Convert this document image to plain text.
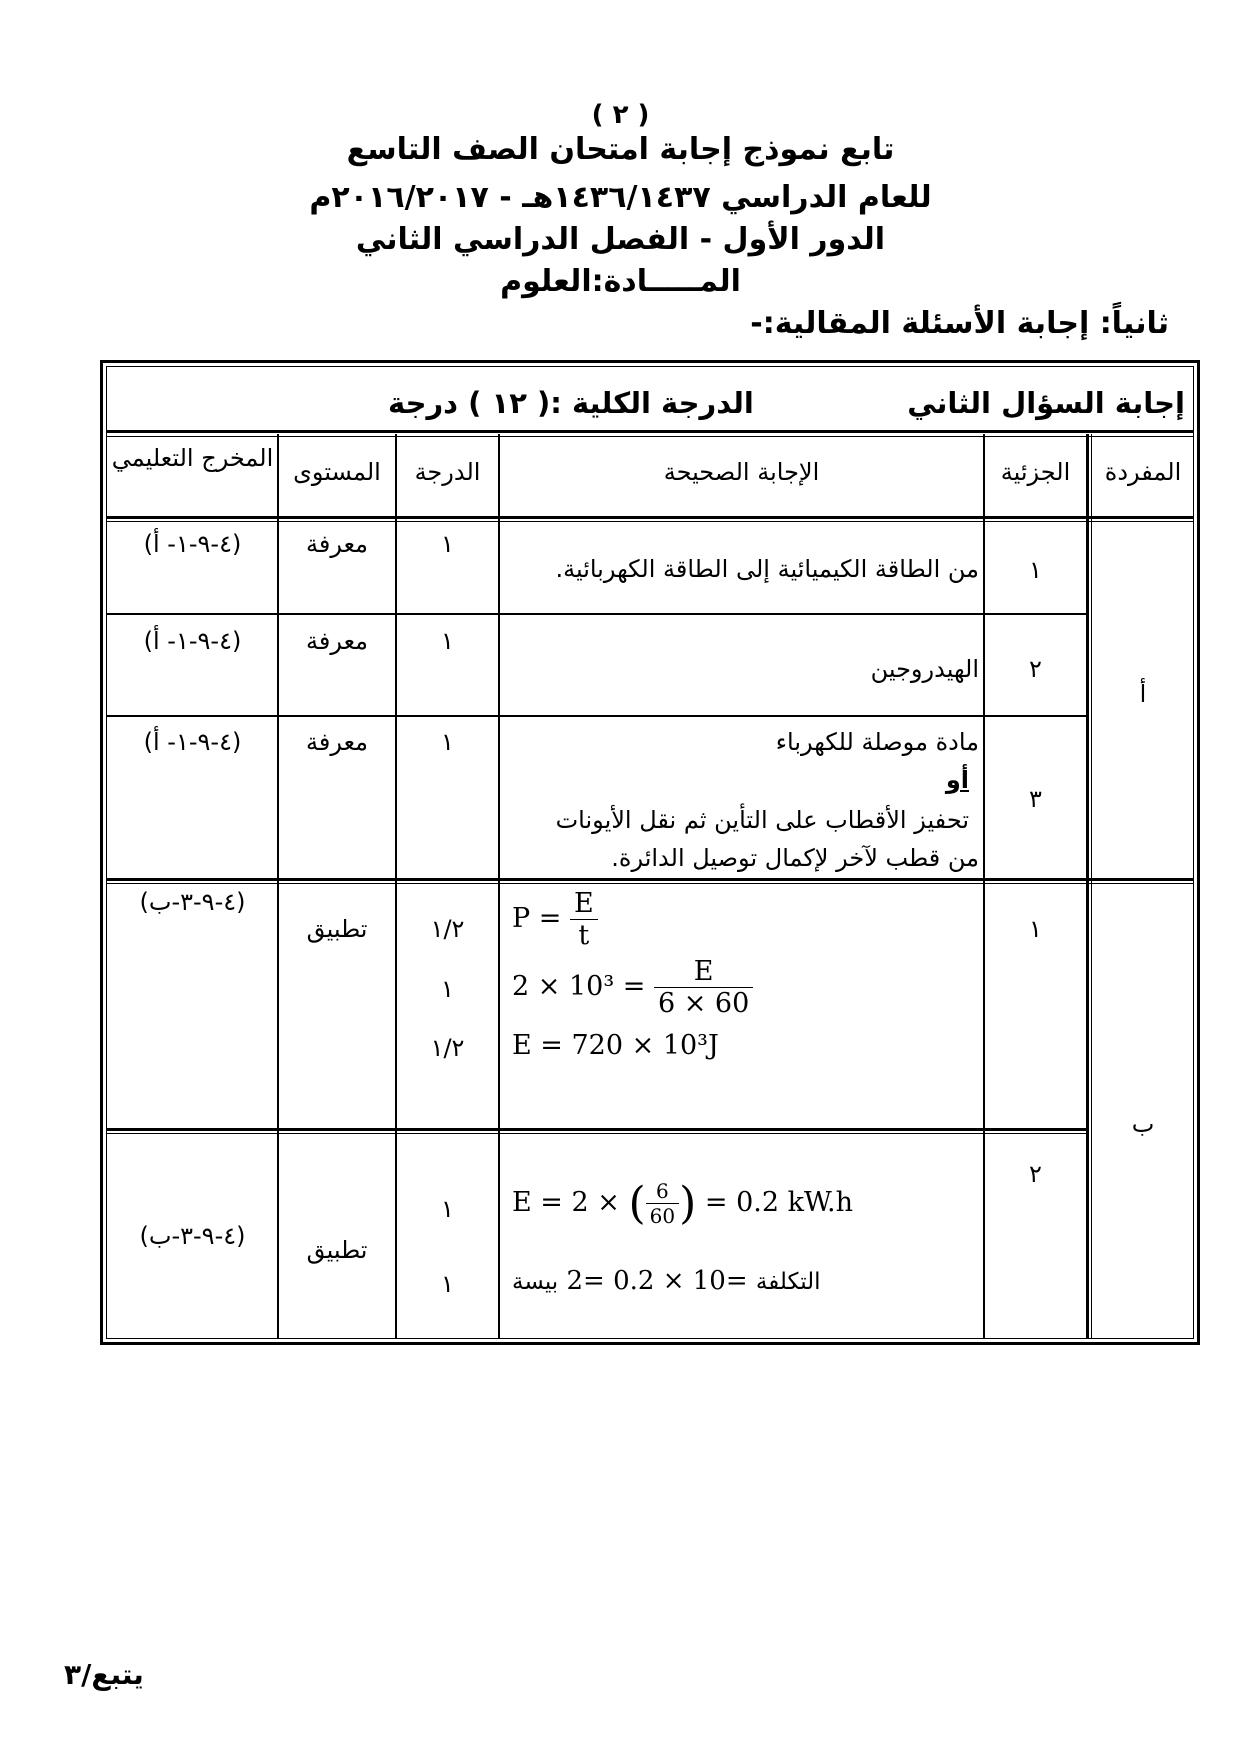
( ٢ )
تابع نموذج إجابة امتحان الصف التاسع
للعام الدراسي ١٤٣٦/١٤٣٧هـ - ٢٠١٦/٢٠١٧م
الدور الأول - الفصل الدراسي الثاني
المـــــادة:العلوم
ثانياً: إجابة الأسئلة المقالية:-
إجابة السؤال الثاني
الدرجة الكلية :( ١٢ ) درجة
المفردة
الجزئية
الإجابة الصحيحة
الدرجة
المستوى
المخرج التعليمي
أ
١
من الطاقة الكيميائية إلى الطاقة الكهربائية.
١
معرفة
(٤-٩-١- أ)
٢
الهيدروجين
١
معرفة
(٤-٩-١- أ)
٣
مادة موصلة للكهرباء
أو
تحفيز الأقطاب على التأين ثم نقل الأيونات
من قطب لآخر لإكمال توصيل الدائرة.
١
معرفة
(٤-٩-١- أ)
ب
١
$P = \frac{E}{t}$
$2 \times 10^3 = \frac{E}{6 \times 60}$
E = 720 × 10³J
١/٢
١
١/٢
تطبيق
(٤-٩-٣-ب)
٢
E = 2 × ( $\frac{6}{60}$ ) = 0.2 kW.h
التكلفة =10 × 0.2 =2 بيسة
١
١
تطبيق
(٤-٩-٣-ب)
يتبع/٣
